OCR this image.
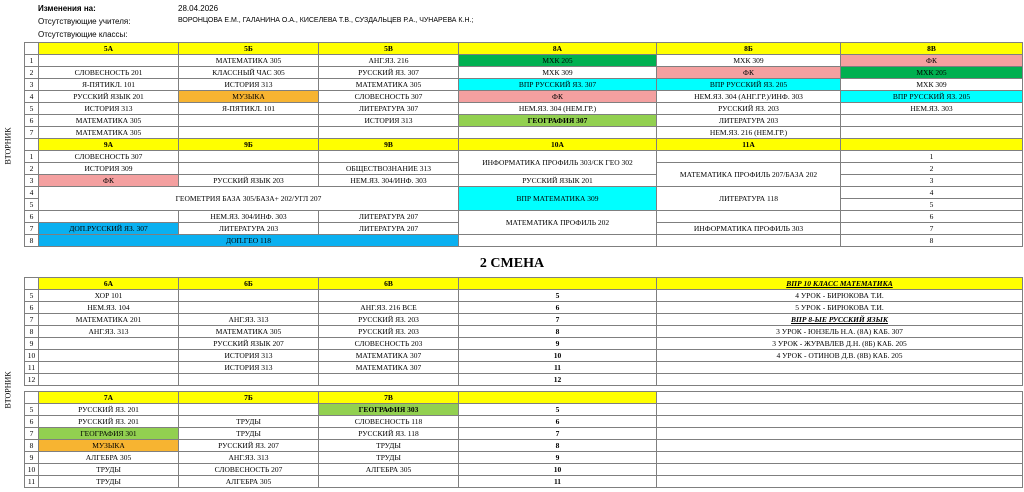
Изменения на:	28.04.2026
Отсутствующие учителя:	ВОРОНЦОВА Е.М., ГАЛАНИНА О.А., КИСЕЛЕВА Т.В., СУЗДАЛЬЦЕВ Р.А., ЧУНАРЕВА К.Н.;
Отсутствующие классы:
ВТОРНИК
ВТОРНИК
	5А	5Б	5В	8А	8Б	8В
1		МАТЕМАТИКА 305	АНГ.ЯЗ. 216	МХК 205	МХК 309	ФК
2	СЛОВЕСНОСТЬ 201	КЛАССНЫЙ ЧАС 305	РУССКИЙ ЯЗ. 307	МХК 309	ФК	МХК 205
3	Я-ПЯТИКЛ. 101	ИСТОРИЯ 313	МАТЕМАТИКА 305	ВПР РУССКИЙ ЯЗ. 307	ВПР РУССКИЙ ЯЗ. 205	МХК 309
4	РУССКИЙ ЯЗЫК 201	МУЗЫКА	СЛОВЕСНОСТЬ 307	ФК	НЕМ.ЯЗ. 304 (АНГ.ГР.)/ИНФ. 303	ВПР РУССКИЙ ЯЗ. 205
5	ИСТОРИЯ 313	Я-ПЯТИКЛ. 101	ЛИТЕРАТУРА 307	НЕМ.ЯЗ. 304 (НЕМ.ГР.)	РУССКИЙ ЯЗ. 203	НЕМ.ЯЗ. 303
6	МАТЕМАТИКА 305		ИСТОРИЯ 313	ГЕОГРАФИЯ 307	ЛИТЕРАТУРА 203	
7	МАТЕМАТИКА 305				НЕМ.ЯЗ. 216 (НЕМ.ГР.)	
	9А	9Б	9В	10А	11А	
1	СЛОВЕСНОСТЬ 307			ИНФОРМАТИКА ПРОФИЛЬ 303/СК ГЕО 302		1
2	ИСТОРИЯ 309		ОБЩЕСТВОЗНАНИЕ 313		МАТЕМАТИКА ПРОФИЛЬ 207/БАЗА 202	2
3	ФК	РУССКИЙ ЯЗЫК 203	НЕМ.ЯЗ. 304/ИНФ. 303	РУССКИЙ ЯЗЫК 201		3
4	ГЕОМЕТРИЯ БАЗА 305/БАЗА+ 202/УГЛ 207			ВПР МАТЕМАТИКА 309	ЛИТЕРАТУРА 118	4
5						5
6		НЕМ.ЯЗ. 304/ИНФ. 303	ЛИТЕРАТУРА 207	МАТЕМАТИКА ПРОФИЛЬ 202		6
7	ДОП.РУССКИЙ ЯЗ. 307	ЛИТЕРАТУРА 203	ЛИТЕРАТУРА 207		ИНФОРМАТИКА ПРОФИЛЬ 303	7
8	ДОП.ГЕО 118					8
2 СМЕНА
	6А	6Б	6В		ВПР 10 КЛАСС МАТЕМАТИКА
5	ХОР 101			5	4 УРОК - БИРЮКОВА Т.И.
6	НЕМ.ЯЗ. 104		АНГ.ЯЗ. 216 ВСЕ	6	5 УРОК - БИРЮКОВА Т.И.
7	МАТЕМАТИКА 201	АНГ.ЯЗ. 313	РУССКИЙ ЯЗ. 203	7	ВПР 8-ЫЕ РУССКИЙ ЯЗЫК
8	АНГ.ЯЗ. 313	МАТЕМАТИКА 305	РУССКИЙ ЯЗ. 203	8	3 УРОК - ЮНЗЕЛЬ Н.А. (8А) КАБ. 307
9		РУССКИЙ ЯЗЫК 207	СЛОВЕСНОСТЬ 203	9	3 УРОК - ЖУРАВЛЕВ Д.Н. (8Б) КАБ. 205
10		ИСТОРИЯ 313	МАТЕМАТИКА 307	10	4 УРОК - ОТИНОВ Д.В. (8В) КАБ. 205
11		ИСТОРИЯ 313	МАТЕМАТИКА 307	11	
12				12	
	7А	7Б	7В		
5	РУССКИЙ ЯЗ. 201		ГЕОГРАФИЯ 303	5	
6	РУССКИЙ ЯЗ. 201	ТРУДЫ	СЛОВЕСНОСТЬ 118	6	
7	ГЕОГРАФИЯ 301	ТРУДЫ	РУССКИЙ ЯЗ. 118	7	
8	МУЗЫКА	РУССКИЙ ЯЗ. 207	ТРУДЫ	8	
9	АЛГЕБРА 305	АНГ.ЯЗ. 313	ТРУДЫ	9	
10	ТРУДЫ	СЛОВЕСНОСТЬ 207	АЛГЕБРА 305	10	
11	ТРУДЫ	АЛГЕБРА 305		11	
